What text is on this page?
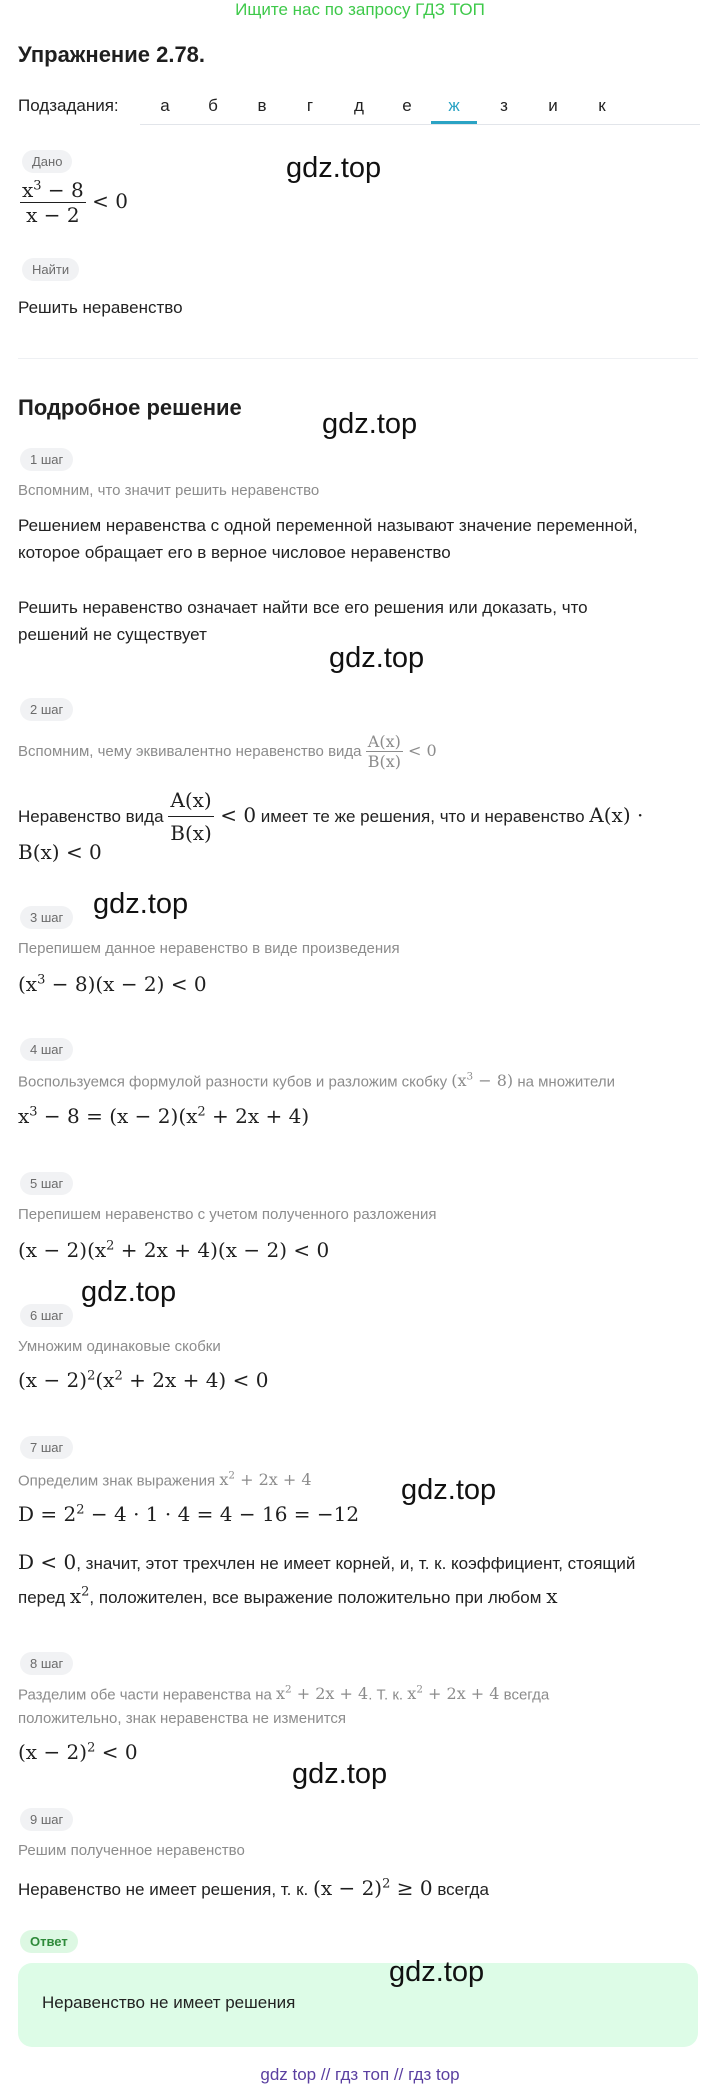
Ищите нас по запросу ГДЗ ТОП
Упражнение 2.78.
Подзадания:	а	б	в	г	д	е	ж	з	и	к
Дано
$\frac{x^3 - 8}{x - 2} < 0$
Найти
Решить неравенство
Подробное решение
1 шаг
Вспомним, что значит решить неравенство
Решением неравенства с одной переменной называют значение переменной, которое обращает его в верное числовое неравенство
Решить неравенство означает найти все его решения или доказать, что решений не существует
2 шаг
Вспомним, чему эквивалентно неравенство вида $\frac{A(x)}{B(x)} < 0$
Неравенство вида $\frac{A(x)}{B(x)} < 0$ имеет те же решения, что и неравенство A(x) ·
B(x) < 0
3 шаг
Перепишем данное неравенство в виде произведения
$(x^3 - 8)(x - 2) < 0$
4 шаг
Воспользуемся формулой разности кубов и разложим скобку $(x^3 - 8)$ на множители
$x^3 - 8 = (x - 2)(x^2 + 2x + 4)$
5 шаг
Перепишем неравенство с учетом полученного разложения
$(x - 2)(x^2 + 2x + 4)(x - 2) < 0$
6 шаг
Умножим одинаковые скобки
$(x - 2)^2(x^2 + 2x + 4) < 0$
7 шаг
Определим знак выражения $x^2 + 2x + 4$
$D = 2^2 - 4 \cdot 1 \cdot 4 = 4 - 16 = -12$
D < 0, значит, этот трехчлен не имеет корней, и, т. к. коэффициент, стоящий
перед $x^2$, положителен, все выражение положительно при любом x
8 шаг
Разделим обе части неравенства на $x^2 + 2x + 4$. Т. к. $x^2 + 2x + 4$ всегда
положительно, знак неравенства не изменится
$(x - 2)^2 < 0$
9 шаг
Решим полученное неравенство
Неравенство не имеет решения, т. к. $(x - 2)^2 \ge 0$ всегда
Ответ
Неравенство не имеет решения
gdz.top
gdz.top
gdz.top
gdz.top
gdz.top
gdz.top
gdz.top
gdz.top
gdz top // гдз топ // гдз top
